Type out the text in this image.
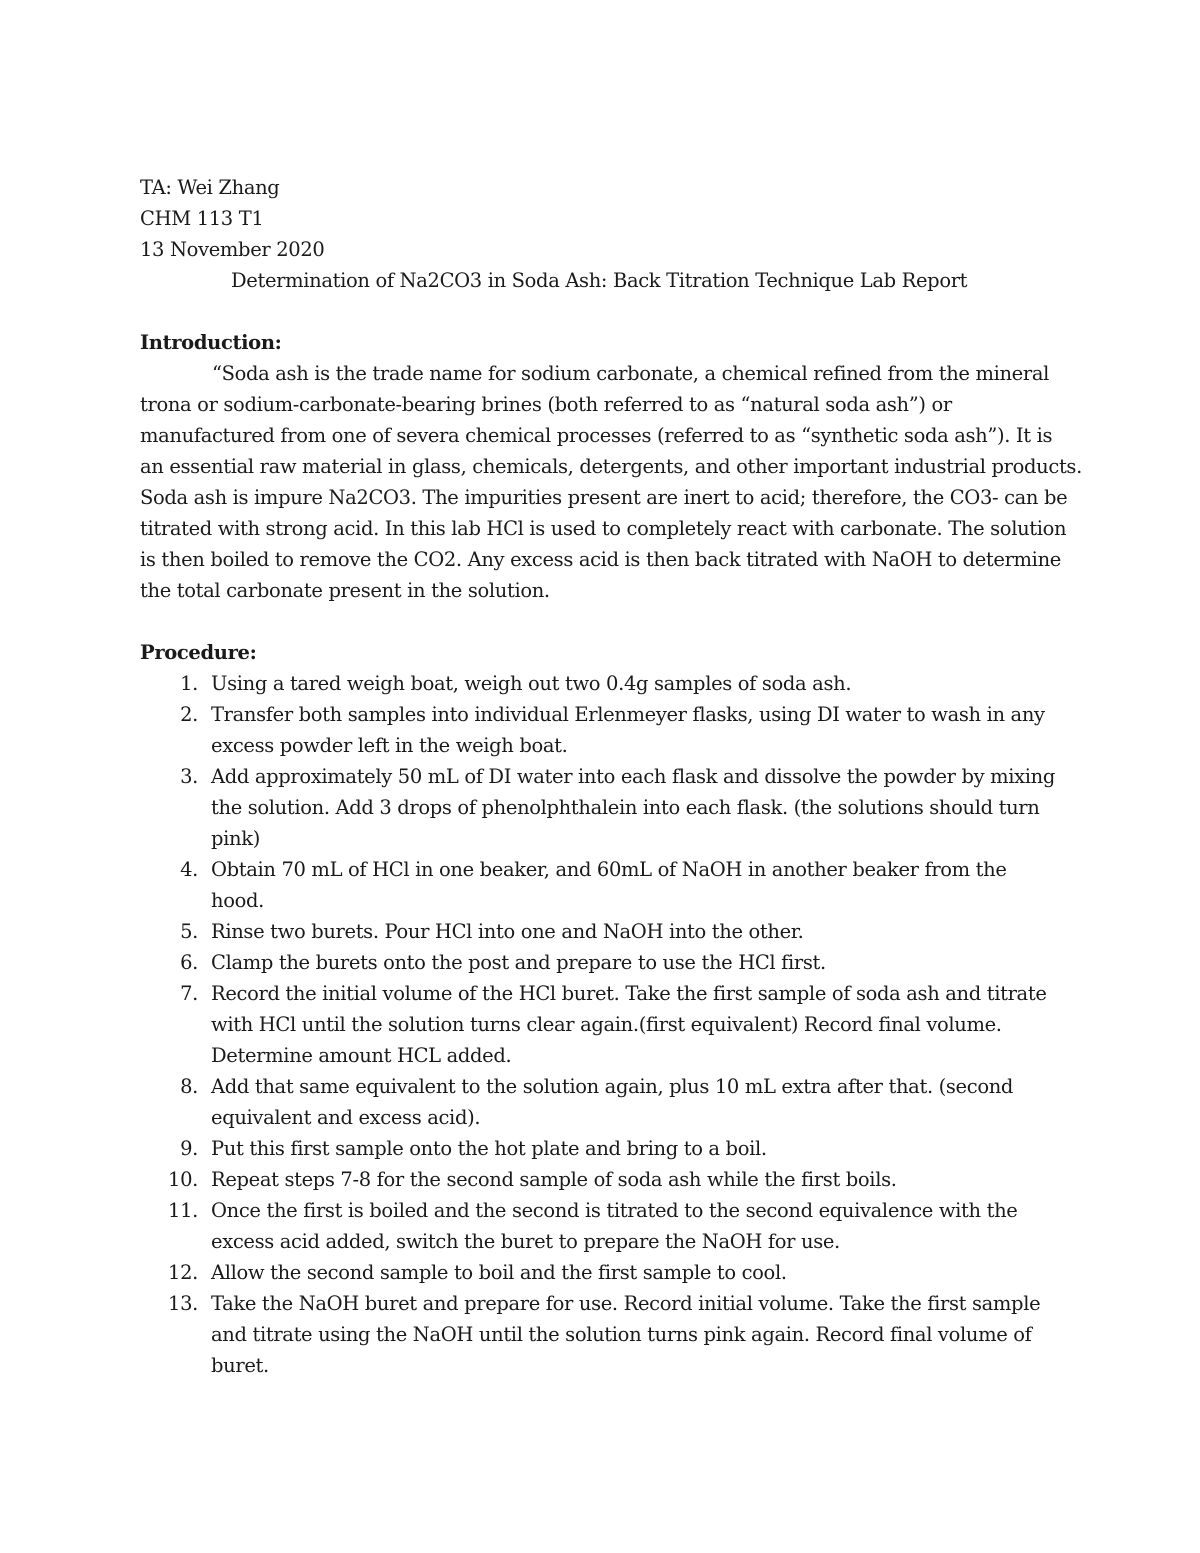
TA: Wei Zhang
CHM 113 T1
13 November 2020
Determination of Na2CO3 in Soda Ash: Back Titration Technique Lab Report
Introduction:
“Soda ash is the trade name for sodium carbonate, a chemical refined from the mineral
trona or sodium-carbonate-bearing brines (both referred to as “natural soda ash”) or
manufactured from one of severa chemical processes (referred to as “synthetic soda ash”). It is
an essential raw material in glass, chemicals, detergents, and other important industrial products.
Soda ash is impure Na2CO3. The impurities present are inert to acid; therefore, the CO3- can be
titrated with strong acid. In this lab HCl is used to completely react with carbonate. The solution
is then boiled to remove the CO2. Any excess acid is then back titrated with NaOH to determine
the total carbonate present in the solution.
Procedure:
1. Using a tared weigh boat, weigh out two 0.4g samples of soda ash.
2. Transfer both samples into individual Erlenmeyer flasks, using DI water to wash in any
excess powder left in the weigh boat.
3. Add approximately 50 mL of DI water into each flask and dissolve the powder by mixing
the solution. Add 3 drops of phenolphthalein into each flask. (the solutions should turn
pink)
4. Obtain 70 mL of HCl in one beaker, and 60mL of NaOH in another beaker from the
hood.
5. Rinse two burets. Pour HCl into one and NaOH into the other.
6. Clamp the burets onto the post and prepare to use the HCl first.
7. Record the initial volume of the HCl buret. Take the first sample of soda ash and titrate
with HCl until the solution turns clear again.(first equivalent) Record final volume.
Determine amount HCL added.
8. Add that same equivalent to the solution again, plus 10 mL extra after that. (second
equivalent and excess acid).
9. Put this first sample onto the hot plate and bring to a boil.
10. Repeat steps 7-8 for the second sample of soda ash while the first boils.
11. Once the first is boiled and the second is titrated to the second equivalence with the
excess acid added, switch the buret to prepare the NaOH for use.
12. Allow the second sample to boil and the first sample to cool.
13. Take the NaOH buret and prepare for use. Record initial volume. Take the first sample
and titrate using the NaOH until the solution turns pink again. Record final volume of
buret.
